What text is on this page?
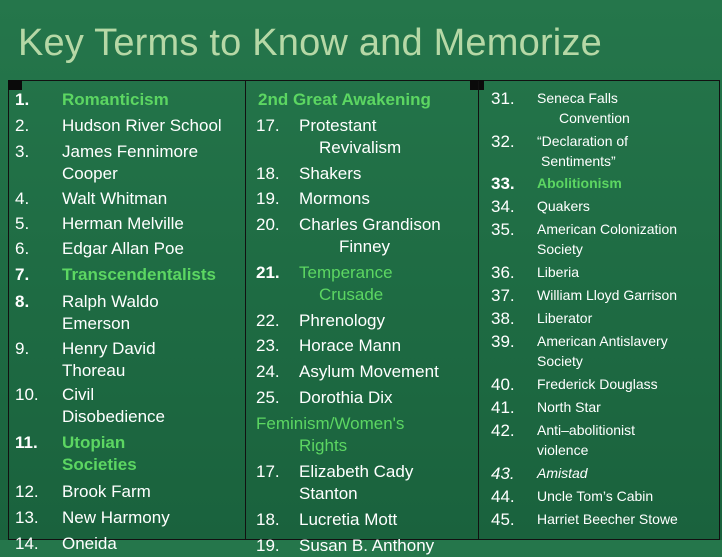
Key Terms to Know and Memorize
1. Romanticism
2. Hudson River School
3. James Fennimore
Cooper
4. Walt Whitman
5. Herman Melville
6. Edgar Allan Poe
7. Transcendentalists
8. Ralph Waldo
Emerson
9. Henry David
Thoreau
10. Civil
Disobedience
11. Utopian
Societies
12. Brook Farm
13. New Harmony
14. Oneida
2nd Great Awakening
17. Protestant
Revivalism
18. Shakers
19. Mormons
20. Charles Grandison
Finney
21. Temperance
Crusade
22. Phrenology
23. Horace Mann
24. Asylum Movement
25. Dorothia Dix
Feminism/Women's
Rights
17. Elizabeth Cady
Stanton
18. Lucretia Mott
19. Susan B. Anthony
31. Seneca Falls
Convention
32. “Declaration of
Sentiments”
33. Abolitionism
34. Quakers
35. American Colonization
Society
36. Liberia
37. William Lloyd Garrison
38. Liberator
39. American Antislavery
Society
40. Frederick Douglass
41. North Star
42. Anti–abolitionist
violence
43. Amistad
44. Uncle Tom’s Cabin
45. Harriet Beecher Stowe
